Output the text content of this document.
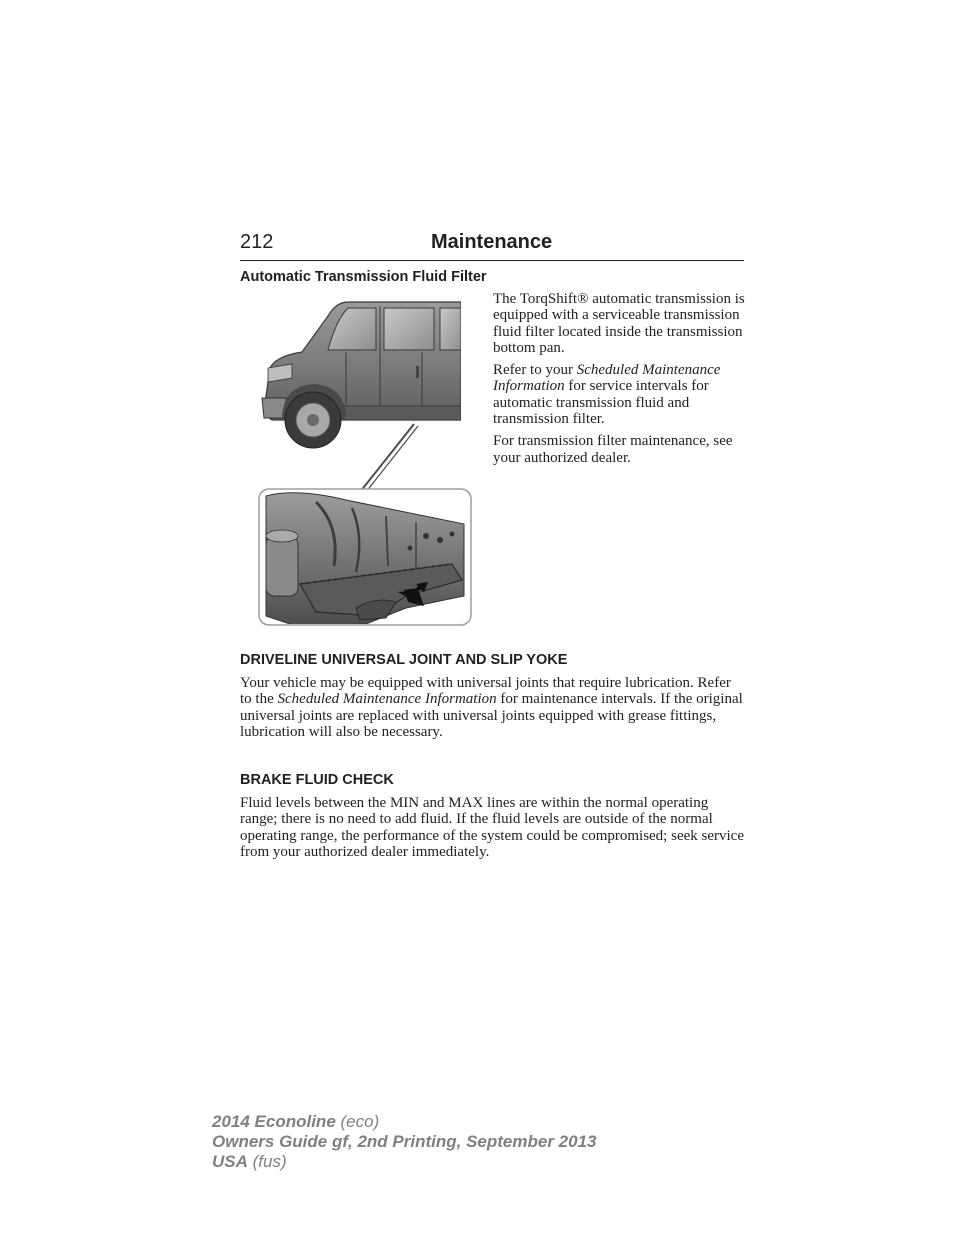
212	Maintenance
Automatic Transmission Fluid Filter

The TorqShift® automatic transmission is equipped with a serviceable transmission fluid filter located inside the transmission bottom pan.

Refer to your Scheduled Maintenance Information for service intervals for automatic transmission fluid and transmission filter.

For transmission filter maintenance, see your authorized dealer.

DRIVELINE UNIVERSAL JOINT AND SLIP YOKE

Your vehicle may be equipped with universal joints that require lubrication. Refer to the Scheduled Maintenance Information for maintenance intervals. If the original universal joints are replaced with universal joints equipped with grease fittings, lubrication will also be necessary.

BRAKE FLUID CHECK

Fluid levels between the MIN and MAX lines are within the normal operating range; there is no need to add fluid. If the fluid levels are outside of the normal operating range, the performance of the system could be compromised; seek service from your authorized dealer immediately.

2014 Econoline (eco)
Owners Guide gf, 2nd Printing, September 2013
USA (fus)
